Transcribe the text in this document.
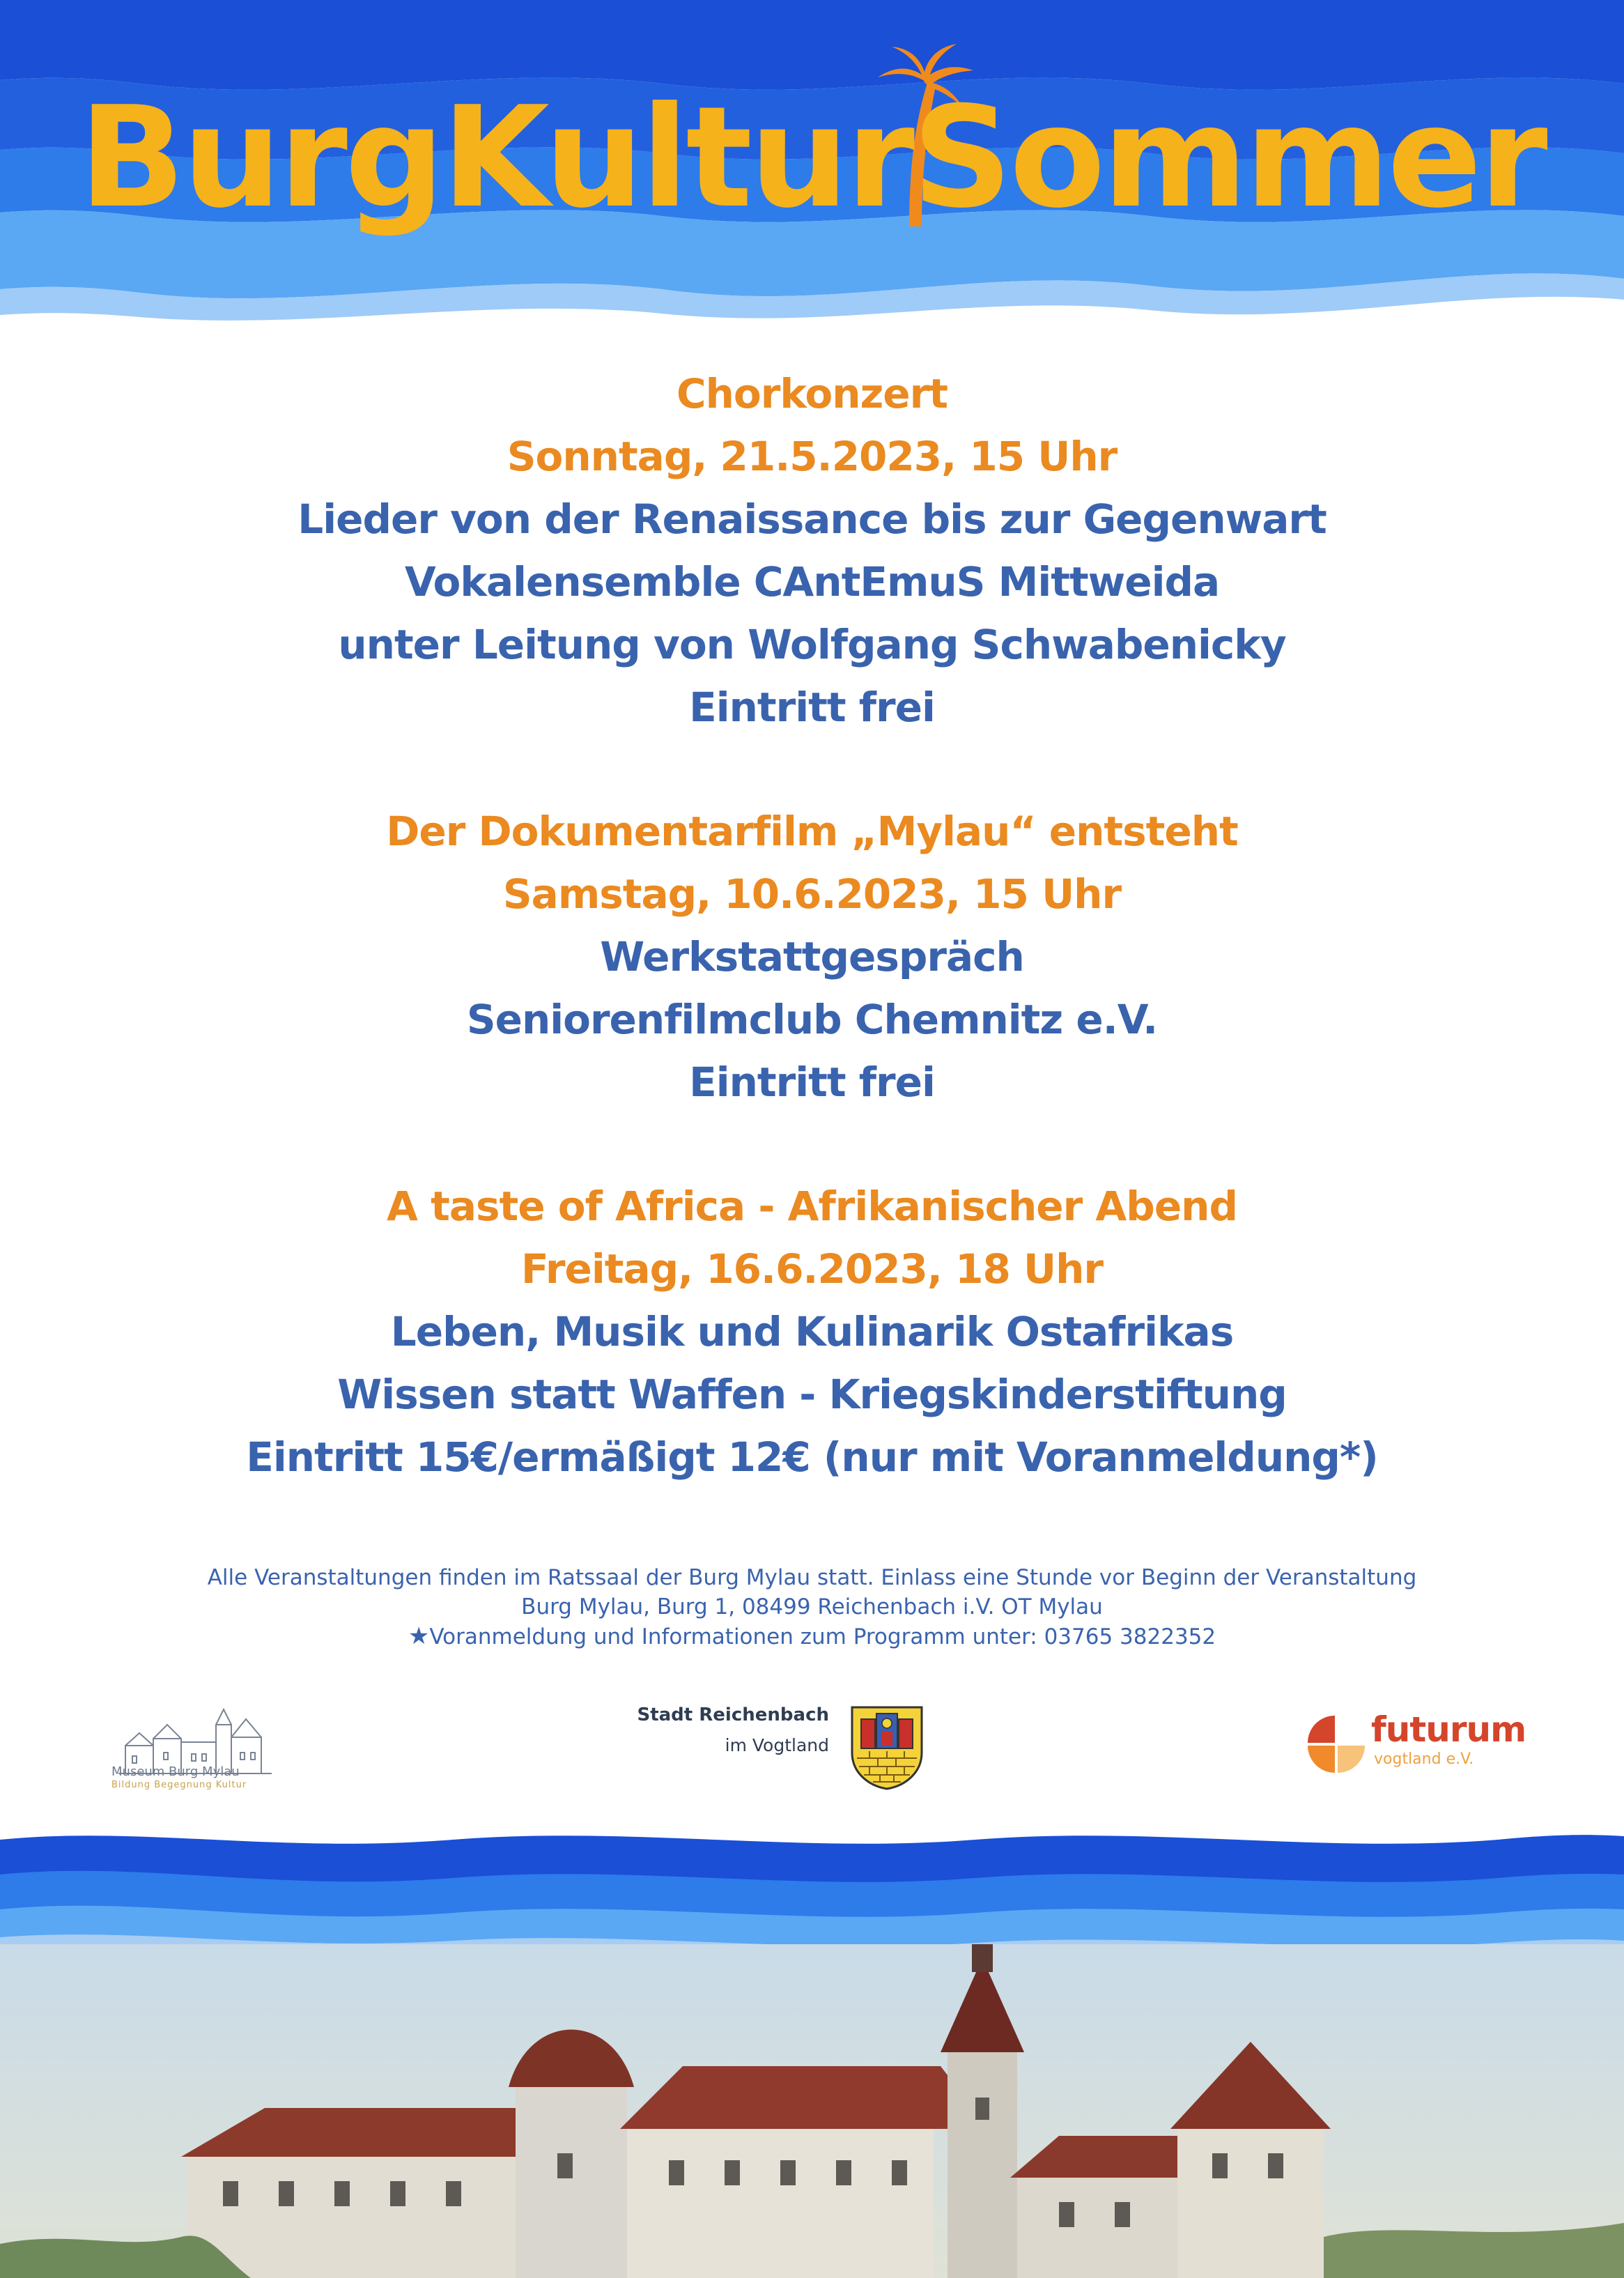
BurgKulturSommer
Chorkonzert
Sonntag, 21.5.2023, 15 Uhr
Lieder von der Renaissance bis zur Gegenwart
Vokalensemble CAntEmuS Mittweida
unter Leitung von Wolfgang Schwabenicky
Eintritt frei
Der Dokumentarfilm „Mylau“ entsteht
Samstag, 10.6.2023, 15 Uhr
Werkstattgespräch
Seniorenfilmclub Chemnitz e.V.
Eintritt frei
A taste of Africa - Afrikanischer Abend
Freitag, 16.6.2023, 18 Uhr
Leben, Musik und Kulinarik Ostafrikas
Wissen statt Waffen - Kriegskinderstiftung
Eintritt 15€/ermäßigt 12€ (nur mit Voranmeldung*)
Alle Veranstaltungen finden im Ratssaal der Burg Mylau statt. Einlass eine Stunde vor Beginn der Veranstaltung
Burg Mylau, Burg 1, 08499 Reichenbach i.V. OT Mylau
★Voranmeldung und Informationen zum Programm unter: 03765 3822352
Museum Burg Mylau
Bildung Begegnung Kultur
Stadt Reichenbach
im Vogtland	futurum
vogtland e.V.
